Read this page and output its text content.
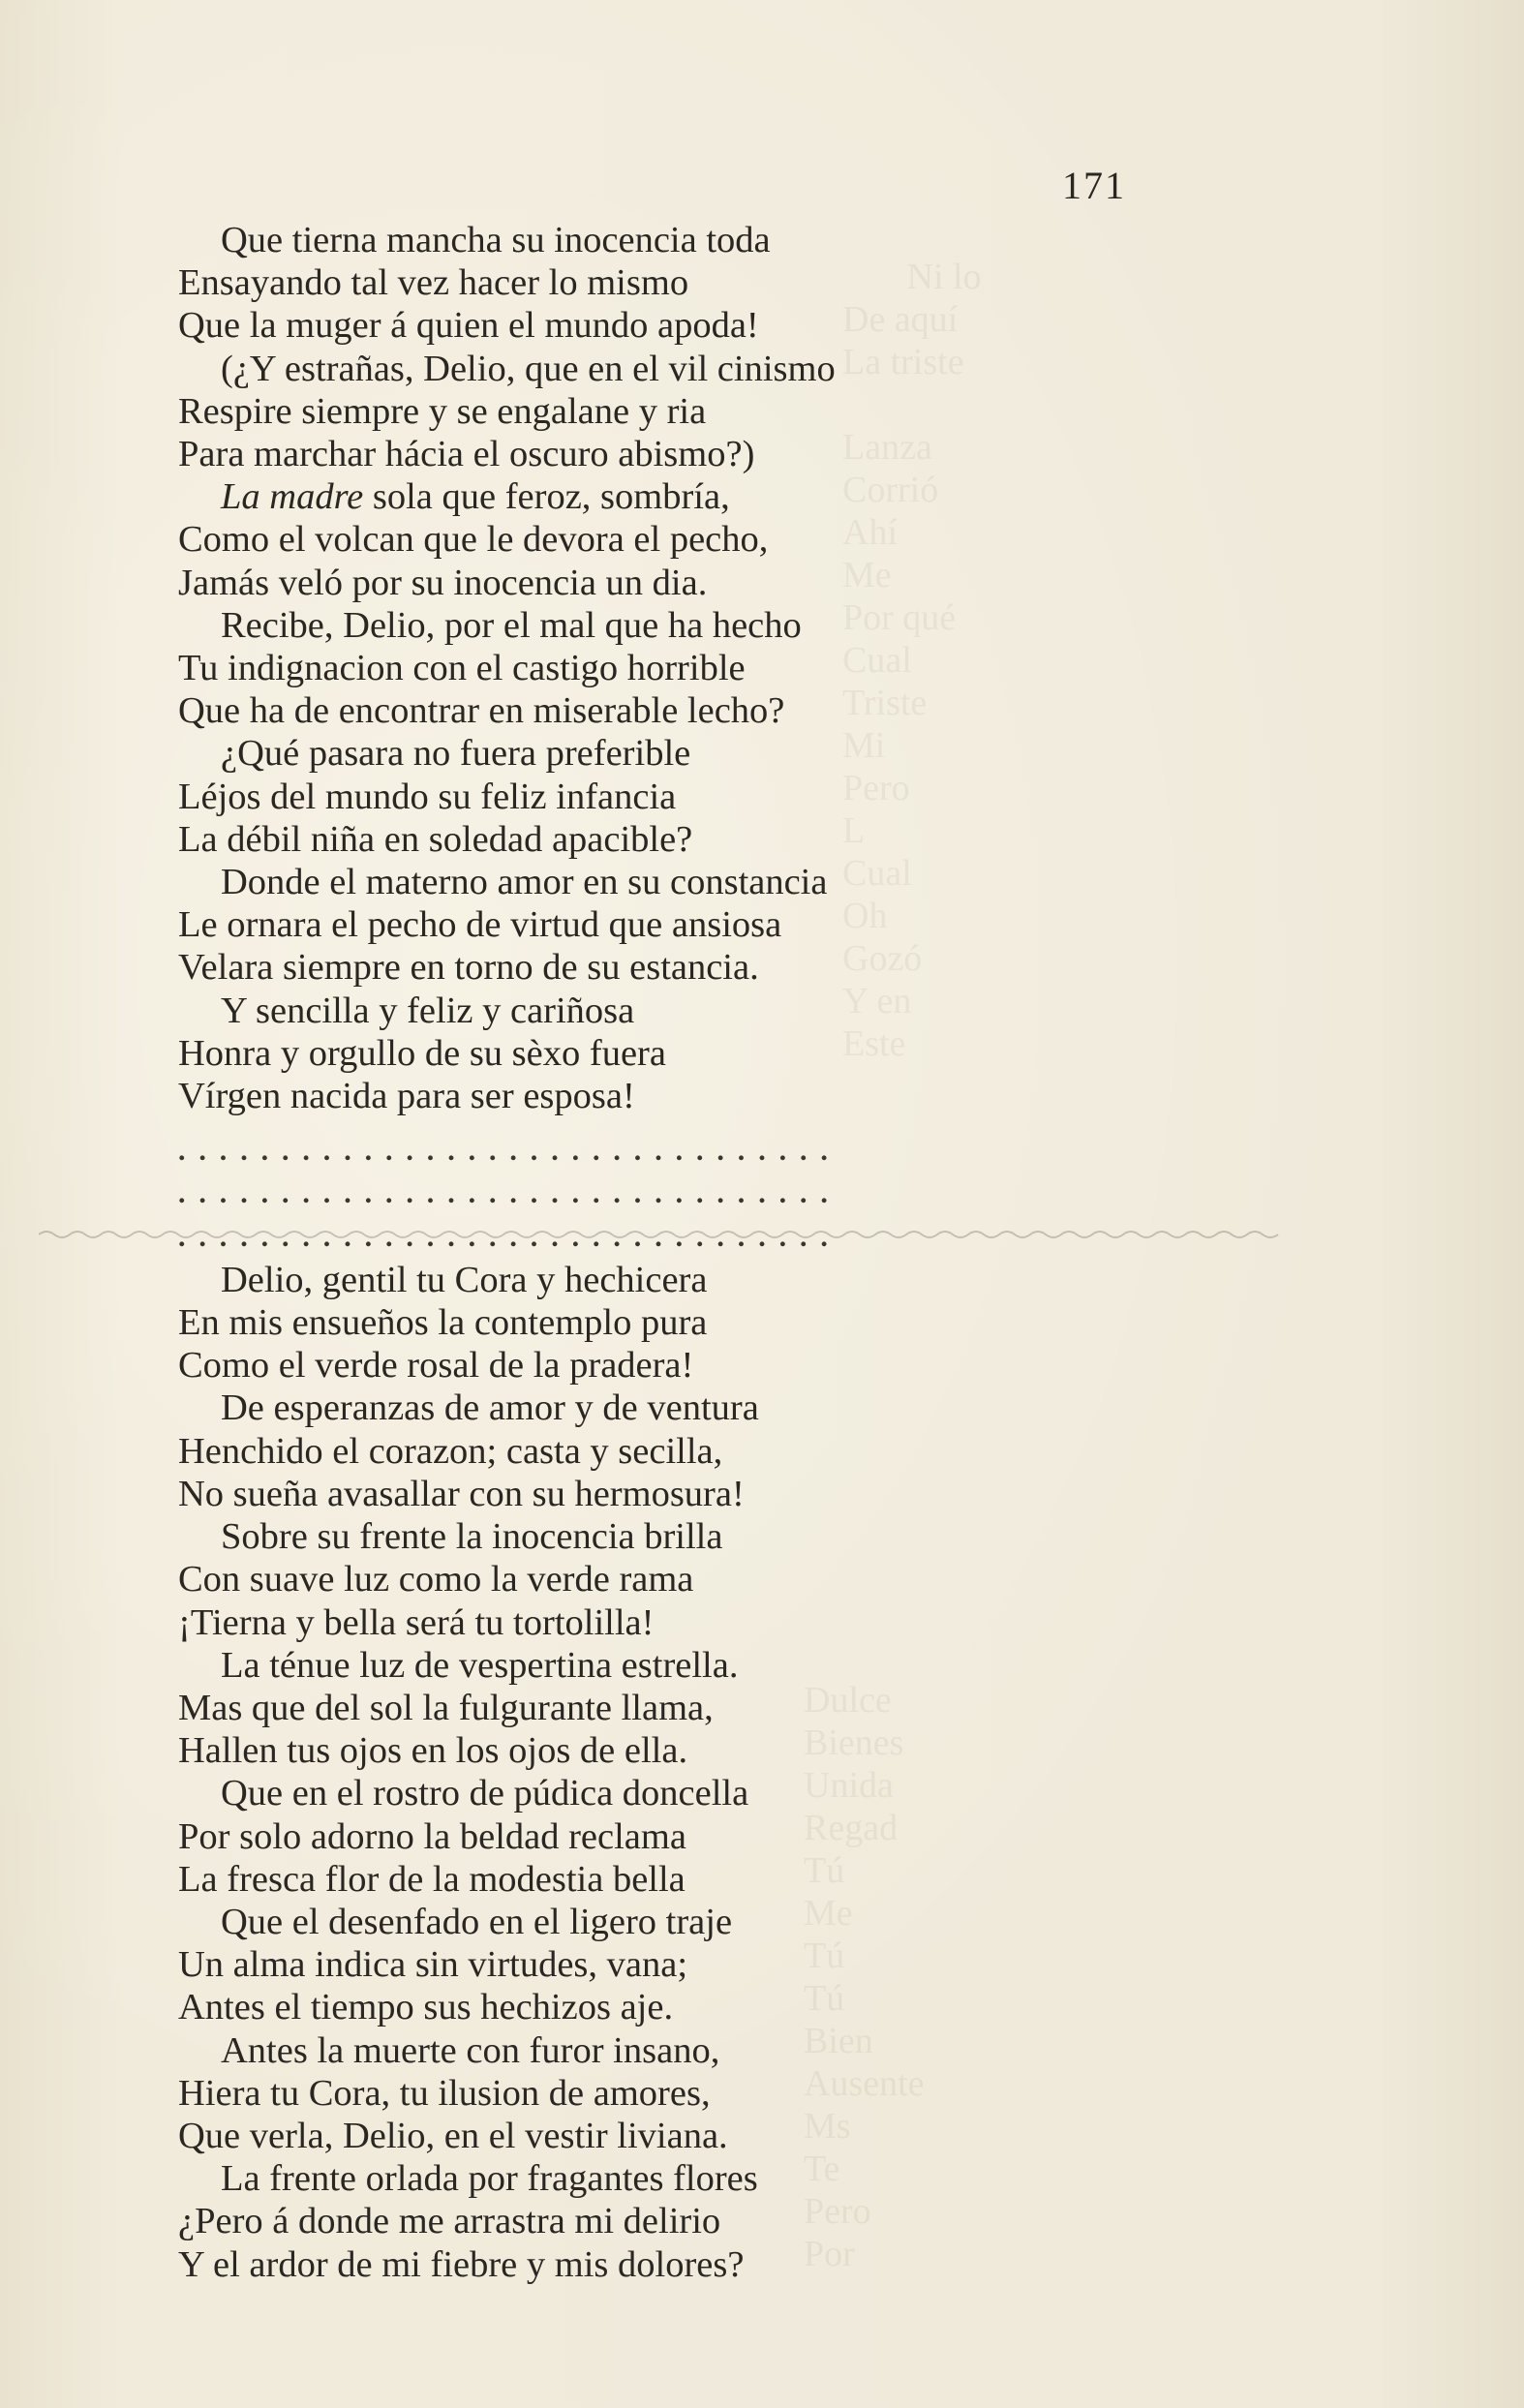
Ni lo
De aquí
La triste

Lanza
Corrió
Ahí
Me
Por qué
Cual
Triste
Mi
Pero
L
Cual
Oh
Gozó
Y en
Este

Dulce
Bienes
Unida
Regad
Tú
Me
Tú
Tú
Bien
Ausente
Ms
Te
Pero
Por
171
Que tierna mancha su inocencia toda
Ensayando tal vez hacer lo mismo
Que la muger á quien el mundo apoda!
(¿Y estrañas, Delio, que en el vil cinismo
Respire siempre y se engalane y ria
Para marchar hácia el oscuro abismo?)
La madre sola que feroz, sombría,
Como el volcan que le devora el pecho,
Jamás veló por su inocencia un dia.
Recibe, Delio, por el mal que ha hecho
Tu indignacion con el castigo horrible
Que ha de encontrar en miserable lecho?
¿Qué pasara no fuera preferible
Léjos del mundo su feliz infancia
La débil niña en soledad apacible?
Donde el materno amor en su constancia
Le ornara el pecho de virtud que ansiosa
Velara siempre en torno de su estancia.
Y sencilla y feliz y cariñosa
Honra y orgullo de su sèxo fuera
Vírgen nacida para ser esposa!
. . . . . . . . . . . . . . . . . . . . . . . . . . . . . . . .
. . . . . . . . . . . . . . . . . . . . . . . . . . . . . . . .
. . . . . . . . . . . . . . . . . . . . . . . . . . . . . . . .
Delio, gentil tu Cora y hechicera
En mis ensueños la contemplo pura
Como el verde rosal de la pradera!
De esperanzas de amor y de ventura
Henchido el corazon; casta y secilla,
No sueña avasallar con su hermosura!
Sobre su frente la inocencia brilla
Con suave luz como la verde rama
¡Tierna y bella será tu tortolilla!
La ténue luz de vespertina estrella.
Mas que del sol la fulgurante llama,
Hallen tus ojos en los ojos de ella.
Que en el rostro de púdica doncella
Por solo adorno la beldad reclama
La fresca flor de la modestia bella
Que el desenfado en el ligero traje
Un alma indica sin virtudes, vana;
Antes el tiempo sus hechizos aje.
Antes la muerte con furor insano,
Hiera tu Cora, tu ilusion de amores,
Que verla, Delio, en el vestir liviana.
La frente orlada por fragantes flores
¿Pero á donde me arrastra mi delirio
Y el ardor de mi fiebre y mis dolores?
